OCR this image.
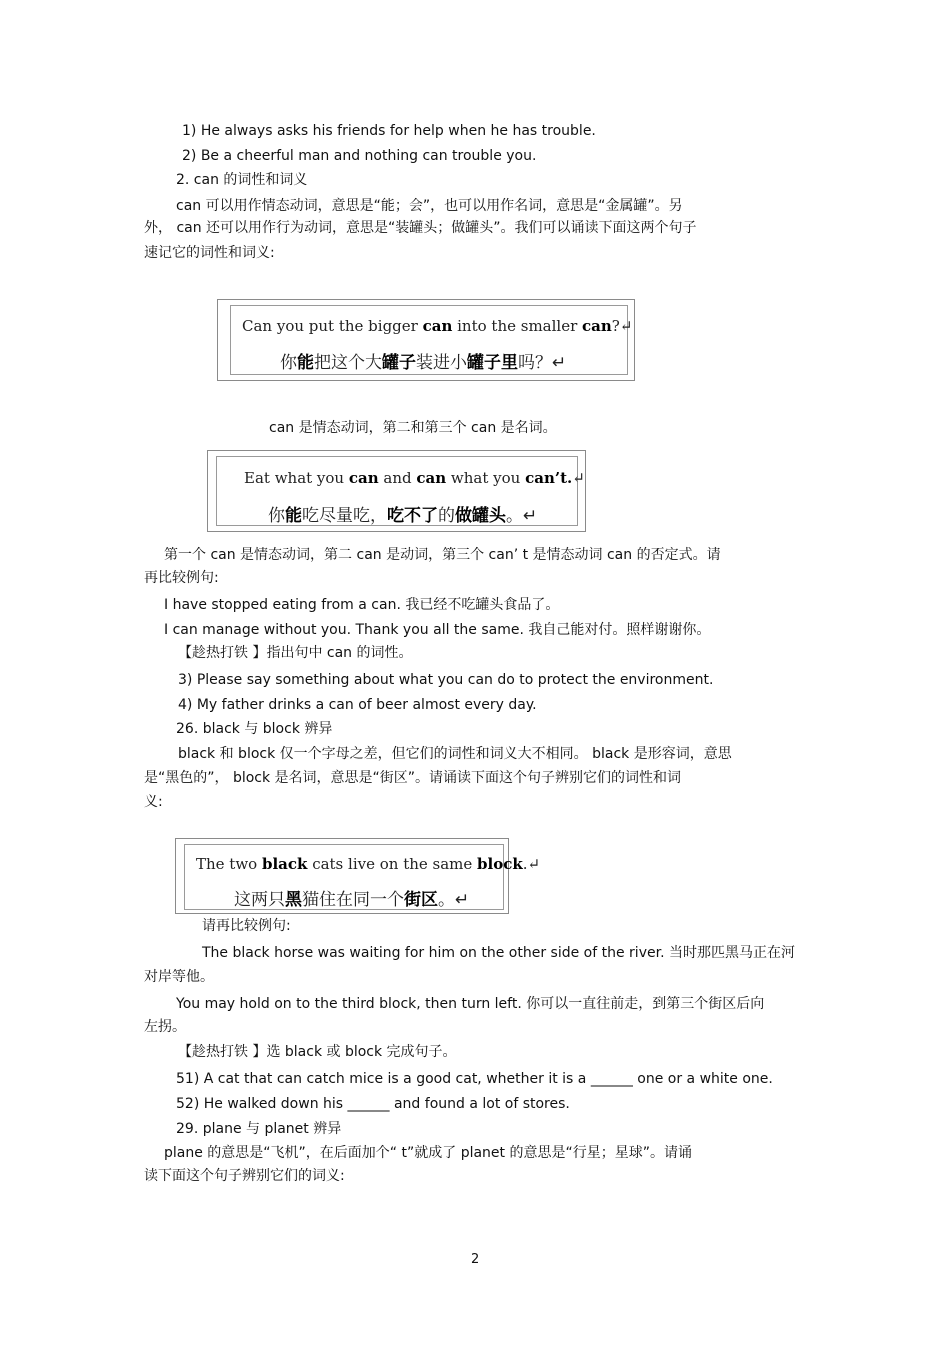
1) He always asks his friends for help when he has trouble.
2) Be a cheerful man and nothing can trouble you.
2. can 的词性和词义
can 可以用作情态动词，意思是“能；会”，也可以用作名词，意思是“金属罐”。另
外， can 还可以用作行为动词，意思是“装罐头；做罐头”。我们可以诵读下面这两个句子
速记它的词性和词义:
Can you put the bigger can into the smaller can?↵
你能把这个大罐子装进小罐子里吗？↵
can 是情态动词，第二和第三个 can 是名词。
Eat what you can and can what you can’t.↵
你能吃尽量吃，吃不了的做罐头。↵
第一个 can 是情态动词，第二 can 是动词，第三个 can’ t 是情态动词 can 的否定式。请
再比较例句:
I have stopped eating from a can. 我已经不吃罐头食品了。
I can manage without you. Thank you all the same. 我自己能对付。照样谢谢你。
【趁热打铁 】指出句中 can 的词性。
3) Please say something about what you can do to protect the environment.
4) My father drinks a can of beer almost every day.
26. black 与 block 辨异
black 和 block 仅一个字母之差，但它们的词性和词义大不相同。 black 是形容词，意思
是“黑色的”， block 是名词，意思是“街区”。请诵读下面这个句子辨别它们的词性和词
义:
The two black cats live on the same block.↵
这两只黑猫住在同一个街区。↵
请再比较例句:
The black horse was waiting for him on the other side of the river. 当时那匹黑马正在河
对岸等他。
You may hold on to the third block, then turn left. 你可以一直往前走，到第三个街区后向
左拐。
【趁热打铁 】选 black 或 block 完成句子。
51) A cat that can catch mice is a good cat, whether it is a ______ one or a white one.
52) He walked down his ______ and found a lot of stores.
29. plane 与 planet 辨异
plane 的意思是“飞机”，在后面加个“ t”就成了 planet 的意思是“行星；星球”。请诵
读下面这个句子辨别它们的词义:
2
